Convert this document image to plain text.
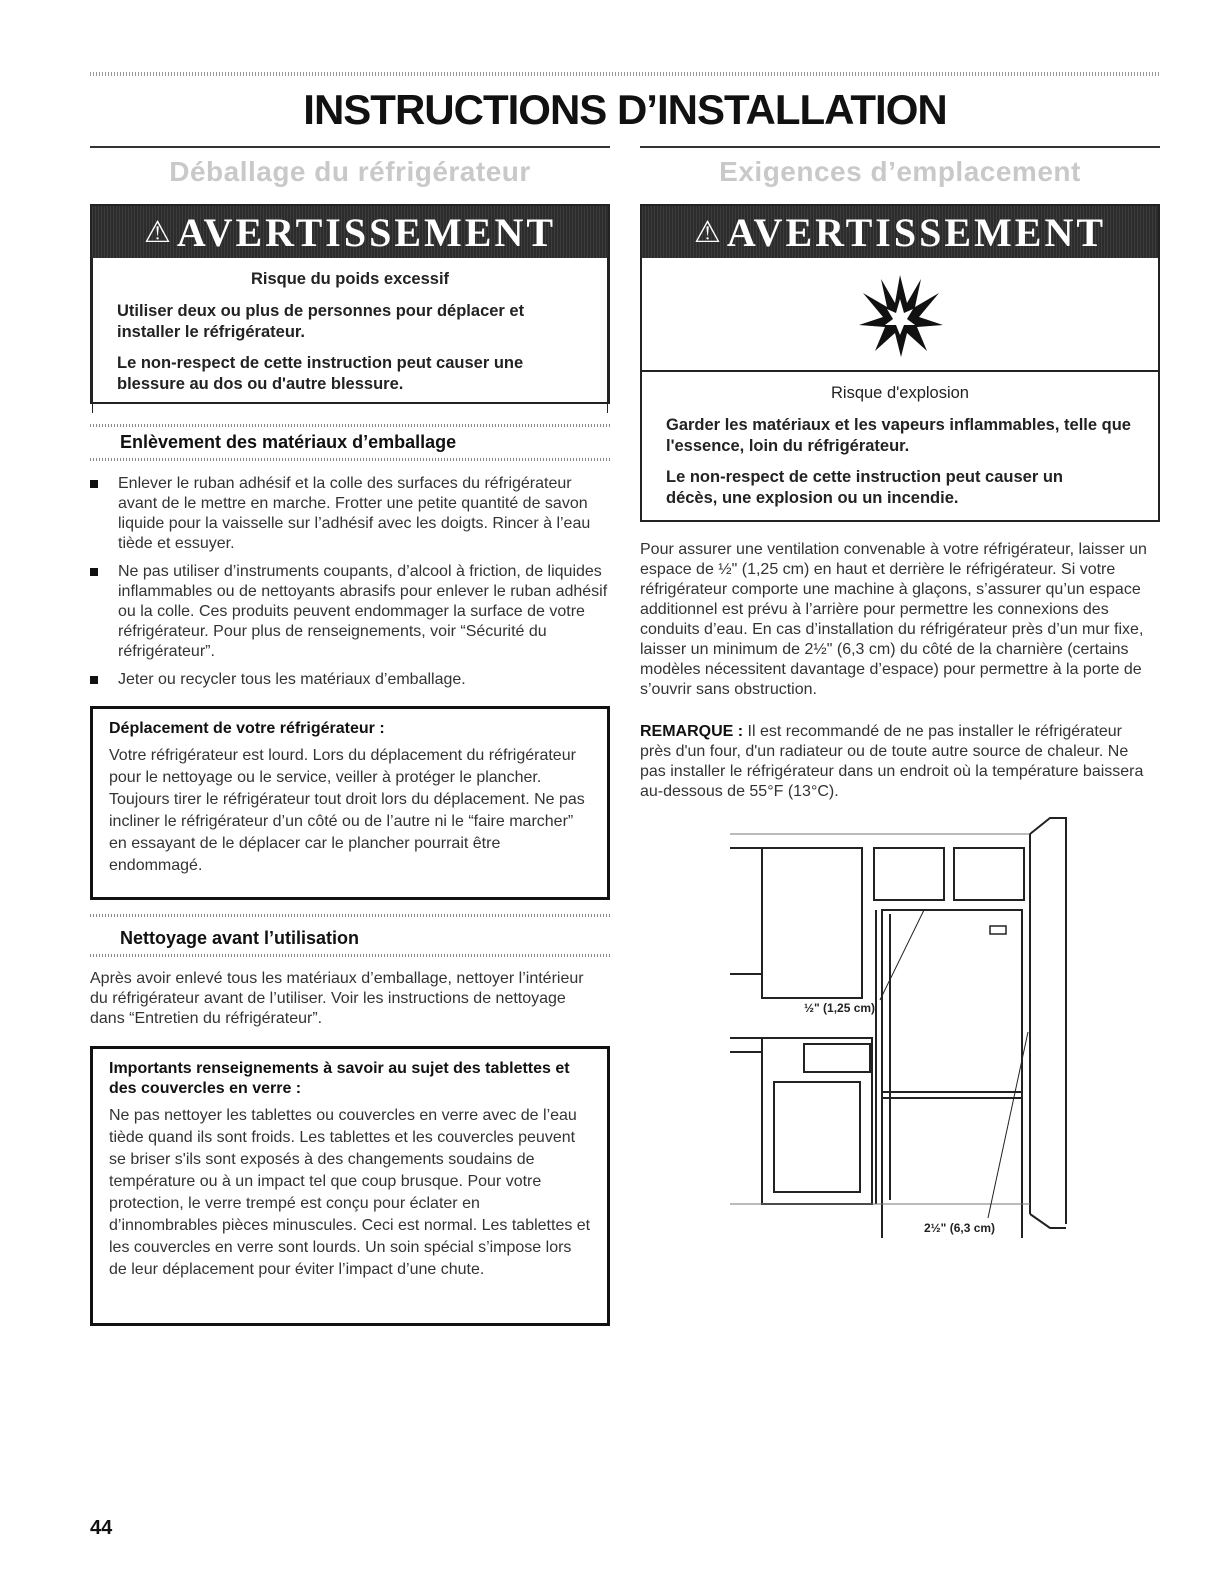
INSTRUCTIONS D’INSTALLATION
Déballage du réfrigérateur
⚠ AVERTISSEMENT
Risque du poids excessif

Utiliser deux ou plus de personnes pour déplacer et installer le réfrigérateur.

Le non-respect de cette instruction peut causer une blessure au dos ou d'autre blessure.

Enlèvement des matériaux d’emballage
Enlever le ruban adhésif et la colle des surfaces du réfrigérateur avant de le mettre en marche. Frotter une petite quantité de savon liquide pour la vaisselle sur l’adhésif avec les doigts. Rincer à l’eau tiède et essuyer.
Ne pas utiliser d’instruments coupants, d’alcool à friction, de liquides inflammables ou de nettoyants abrasifs pour enlever le ruban adhésif ou la colle. Ces produits peuvent endommager la surface de votre réfrigérateur. Pour plus de renseignements, voir “Sécurité du réfrigérateur”.
Jeter ou recycler tous les matériaux d’emballage.

Déplacement de votre réfrigérateur :

Votre réfrigérateur est lourd. Lors du déplacement du réfrigérateur pour le nettoyage ou le service, veiller à protéger le plancher. Toujours tirer le réfrigérateur tout droit lors du déplacement. Ne pas incliner le réfrigérateur d’un côté ou de l’autre ni le “faire marcher” en essayant de le déplacer car le plancher pourrait être endommagé.

Nettoyage avant l’utilisation

Après avoir enlevé tous les matériaux d’emballage, nettoyer l’intérieur du réfrigérateur avant de l’utiliser. Voir les instructions de nettoyage dans “Entretien du réfrigérateur”.

Importants renseignements à savoir au sujet des tablettes et des couvercles en verre :

Ne pas nettoyer les tablettes ou couvercles en verre avec de l’eau tiède quand ils sont froids. Les tablettes et les couvercles peuvent se briser s'ils sont exposés à des changements soudains de température ou à un impact tel que coup brusque. Pour votre protection, le verre trempé est conçu pour éclater en d’innombrables pièces minuscules. Ceci est normal. Les tablettes et les couvercles en verre sont lourds. Un soin spécial s’impose lors de leur déplacement pour éviter l’impact d’une chute.

Exigences d’emplacement
⚠ AVERTISSEMENT
Risque d'explosion

Garder les matériaux et les vapeurs inflammables, telle que l'essence, loin du réfrigérateur.

Le non-respect de cette instruction peut causer un décès, une explosion ou un incendie.

Pour assurer une ventilation convenable à votre réfrigérateur, laisser un espace de ½" (1,25 cm) en haut et derrière le réfrigérateur. Si votre réfrigérateur comporte une machine à glaçons, s’assurer qu’un espace additionnel est prévu à l’arrière pour permettre les connexions des conduits d’eau. En cas d’installation du réfrigérateur près d’un mur fixe, laisser un minimum de 2½" (6,3 cm) du côté de la charnière (certains modèles nécessitent davantage d’espace) pour permettre à la porte de s’ouvrir sans obstruction.

REMARQUE : Il est recommandé de ne pas installer le réfrigérateur près d'un four, d'un radiateur ou de toute autre source de chaleur. Ne pas installer le réfrigérateur dans un endroit où la température baissera au-dessous de 55°F (13°C).

½" (1,25 cm)
2½" (6,3 cm)
44
